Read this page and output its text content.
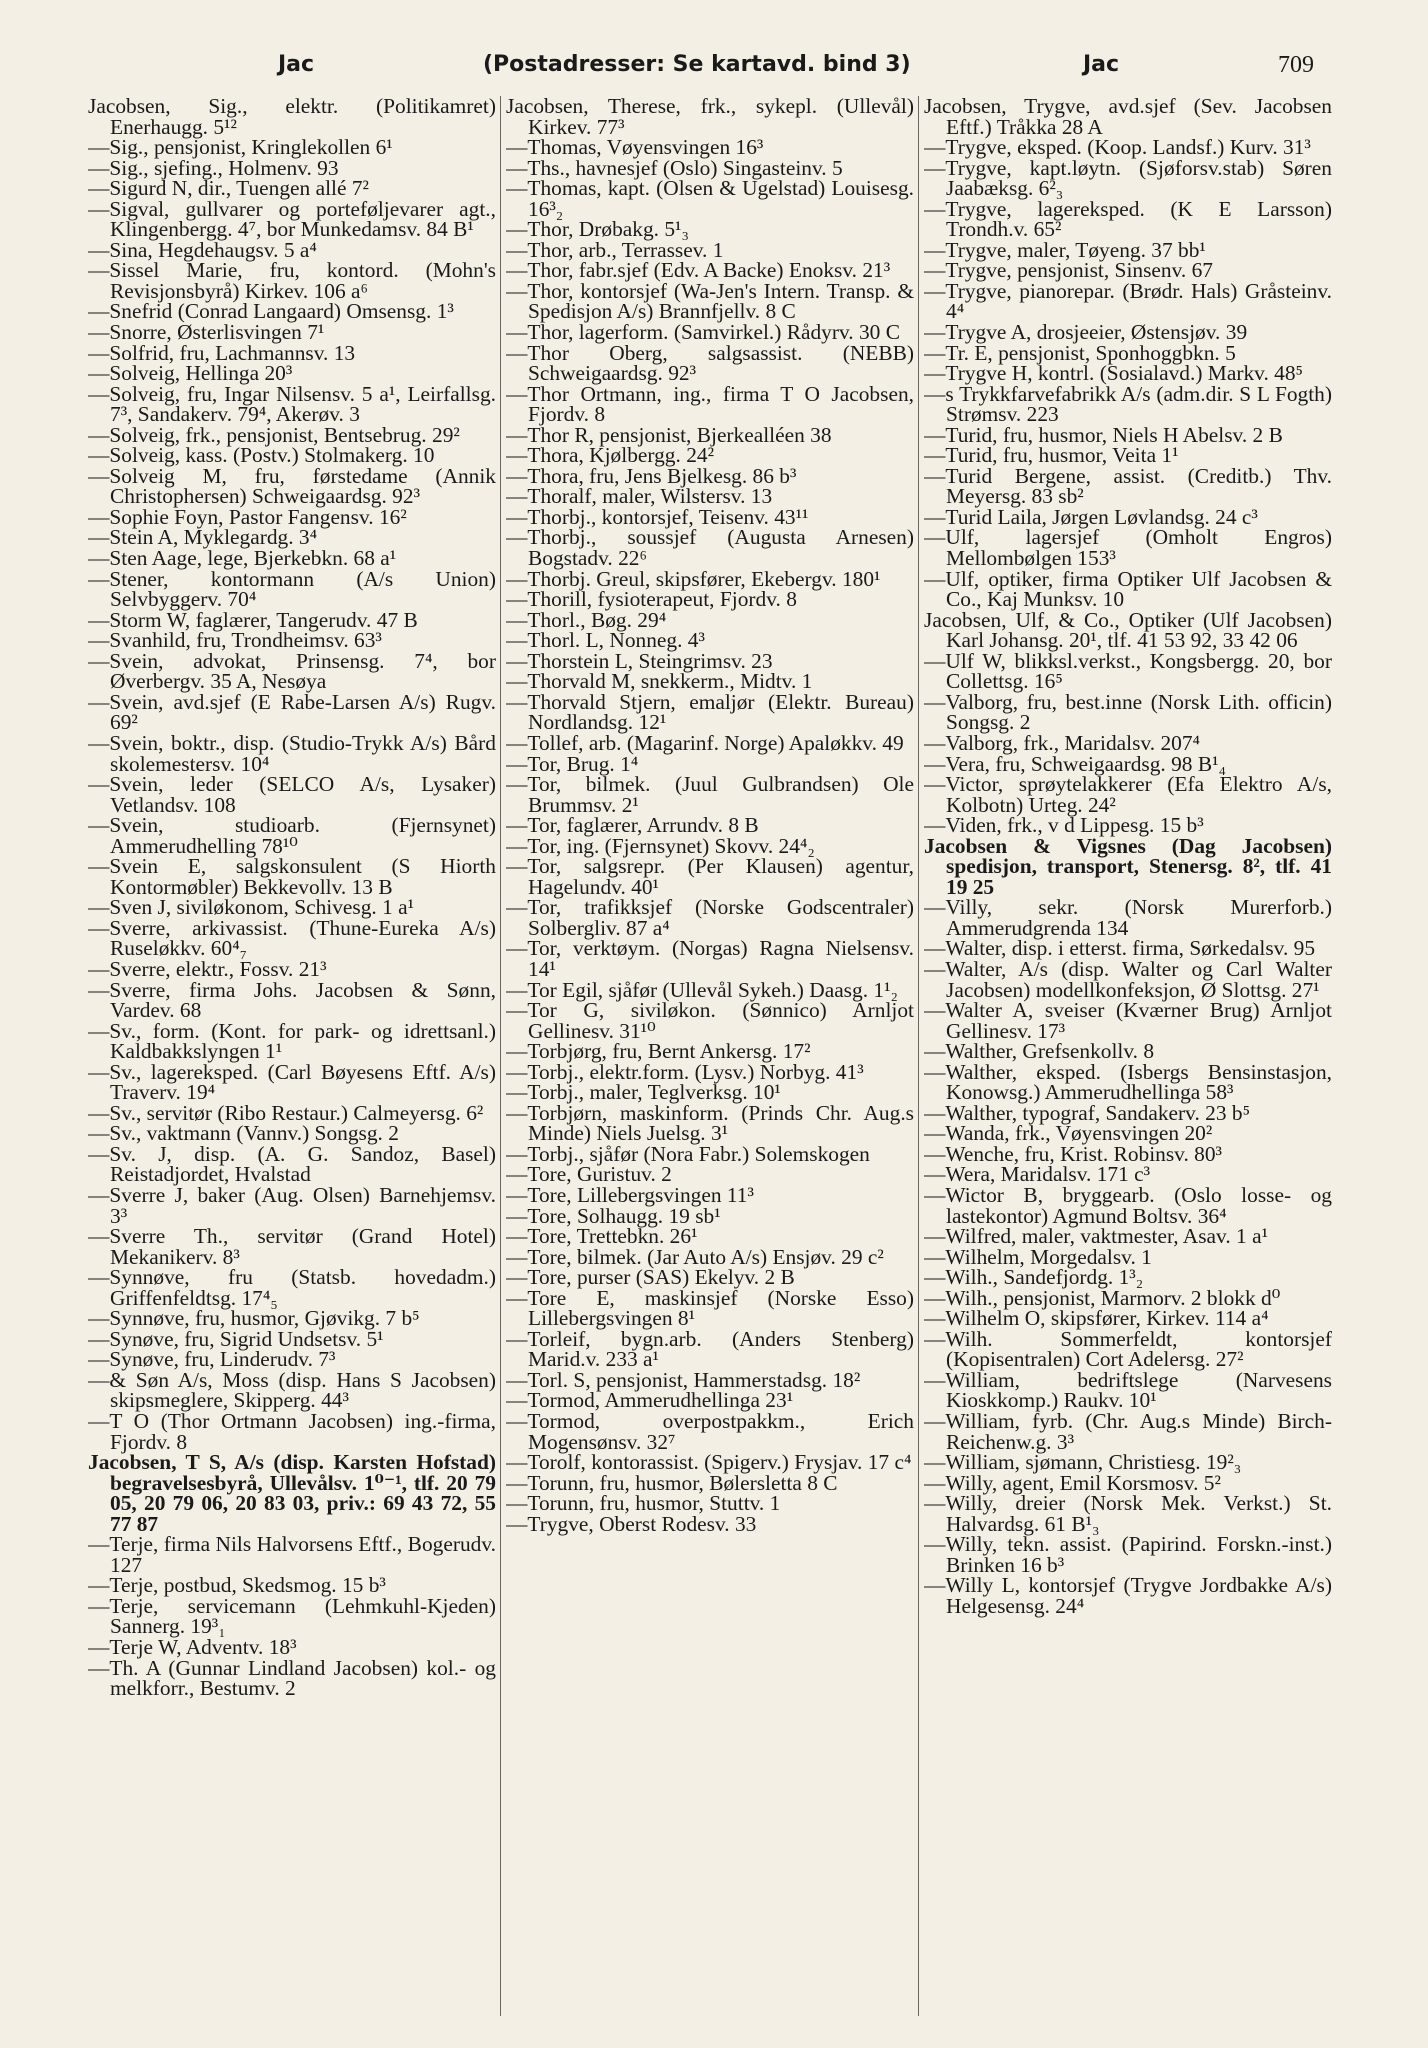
Jac	(Postadresser: Se kartavd. bind 3)	Jac	709
Jacobsen, Sig., elektr. (Politikamret) Enerhaugg. 5¹²
—Sig., pensjonist, Kringlekollen 6¹
—Sig., sjefing., Holmenv. 93
—Sigurd N, dir., Tuengen allé 7²
—Sigval, gullvarer og porteføljevarer agt., Klingenbergg. 4⁷, bor Munkedamsv. 84 B¹
—Sina, Hegdehaugsv. 5 a⁴
—Sissel Marie, fru, kontord. (Mohn's Revisjonsbyrå) Kirkev. 106 a⁶
—Snefrid (Conrad Langaard) Omsensg. 1³
—Snorre, Østerlisvingen 7¹
—Solfrid, fru, Lachmannsv. 13
—Solveig, Hellinga 20³
—Solveig, fru, Ingar Nilsensv. 5 a¹, Leirfallsg. 7³, Sandakerv. 79⁴, Akerøv. 3
—Solveig, frk., pensjonist, Bentsebrug. 29²
—Solveig, kass. (Postv.) Stolmakerg. 10
—Solveig M, fru, førstedame (Annik Christophersen) Schweigaardsg. 92³
—Sophie Foyn, Pastor Fangensv. 16²
—Stein A, Myklegardg. 3⁴
—Sten Aage, lege, Bjerkebkn. 68 a¹
—Stener, kontormann (A/s Union) Selvbyggerv. 70⁴
—Storm W, faglærer, Tangerudv. 47 B
—Svanhild, fru, Trondheimsv. 63³
—Svein, advokat, Prinsensg. 7⁴, bor Øverbergv. 35 A, Nesøya
—Svein, avd.sjef (E Rabe-Larsen A/s) Rugv. 69²
—Svein, boktr., disp. (Studio-Trykk A/s) Bård skolemestersv. 10⁴
—Svein, leder (SELCO A/s, Lysaker) Vetlandsv. 108
—Svein, studioarb. (Fjernsynet) Ammerudhelling 78¹⁰
—Svein E, salgskonsulent (S Hiorth Kontormøbler) Bekkevollv. 13 B
—Sven J, siviløkonom, Schivesg. 1 a¹
—Sverre, arkivassist. (Thune-Eureka A/s) Ruseløkkv. 60⁴₇
—Sverre, elektr., Fossv. 21³
—Sverre, firma Johs. Jacobsen & Sønn, Vardev. 68
—Sv., form. (Kont. for park- og idrettsanl.) Kaldbakkslyngen 1¹
—Sv., lagereksped. (Carl Bøyesens Eftf. A/s) Traverv. 19⁴
—Sv., servitør (Ribo Restaur.) Calmeyersg. 6²
—Sv., vaktmann (Vannv.) Songsg. 2
—Sv. J, disp. (A. G. Sandoz, Basel) Reistadjordet, Hvalstad
—Sverre J, baker (Aug. Olsen) Barnehjemsv. 3³
—Sverre Th., servitør (Grand Hotel) Mekanikerv. 8³
—Synnøve, fru (Statsb. hovedadm.) Griffenfeldtsg. 17⁴₅
—Synnøve, fru, husmor, Gjøvikg. 7 b⁵
—Synøve, fru, Sigrid Undsetsv. 5¹
—Synøve, fru, Linderudv. 7³
—& Søn A/s, Moss (disp. Hans S Jacobsen) skipsmeglere, Skipperg. 44³
—T O (Thor Ortmann Jacobsen) ing.-firma, Fjordv. 8
Jacobsen, T S, A/s (disp. Karsten Hofstad) begravelsesbyrå, Ullevålsv. 1⁰⁻¹, tlf. 20 79 05, 20 79 06, 20 83 03, priv.: 69 43 72, 55 77 87
—Terje, firma Nils Halvorsens Eftf., Bogerudv. 127
—Terje, postbud, Skedsmog. 15 b³
—Terje, servicemann (Lehmkuhl-Kjeden) Sannerg. 19³₁
—Terje W, Adventv. 18³
—Th. A (Gunnar Lindland Jacobsen) kol.- og melkforr., Bestumv. 2
Jacobsen, Therese, frk., sykepl. (Ullevål) Kirkev. 77³
—Thomas, Vøyensvingen 16³
—Ths., havnesjef (Oslo) Singasteinv. 5
—Thomas, kapt. (Olsen & Ugelstad) Louisesg. 16³₂
—Thor, Drøbakg. 5¹₃
—Thor, arb., Terrassev. 1
—Thor, fabr.sjef (Edv. A Backe) Enoksv. 21³
—Thor, kontorsjef (Wa-Jen's Intern. Transp. & Spedisjon A/s) Brannfjellv. 8 C
—Thor, lagerform. (Samvirkel.) Rådyrv. 30 C
—Thor Oberg, salgsassist. (NEBB) Schweigaardsg. 92³
—Thor Ortmann, ing., firma T O Jacobsen, Fjordv. 8
—Thor R, pensjonist, Bjerkealléen 38
—Thora, Kjølbergg. 24²
—Thora, fru, Jens Bjelkesg. 86 b³
—Thoralf, maler, Wilstersv. 13
—Thorbj., kontorsjef, Teisenv. 43¹¹
—Thorbj., soussjef (Augusta Arnesen) Bogstadv. 22⁶
—Thorbj. Greul, skipsfører, Ekebergv. 180¹
—Thorill, fysioterapeut, Fjordv. 8
—Thorl., Bøg. 29⁴
—Thorl. L, Nonneg. 4³
—Thorstein L, Steingrimsv. 23
—Thorvald M, snekkerm., Midtv. 1
—Thorvald Stjern, emaljør (Elektr. Bureau) Nordlandsg. 12¹
—Tollef, arb. (Magarinf. Norge) Apaløkkv. 49
—Tor, Brug. 1⁴
—Tor, bilmek. (Juul Gulbrandsen) Ole Brummsv. 2¹
—Tor, faglærer, Arrundv. 8 B
—Tor, ing. (Fjernsynet) Skovv. 24⁴₂
—Tor, salgsrepr. (Per Klausen) agentur, Hagelundv. 40¹
—Tor, trafikksjef (Norske Godscentraler) Solbergliv. 87 a⁴
—Tor, verktøym. (Norgas) Ragna Nielsensv. 14¹
—Tor Egil, sjåfør (Ullevål Sykeh.) Daasg. 1¹₂
—Tor G, siviløkon. (Sønnico) Arnljot Gellinesv. 31¹⁰
—Torbjørg, fru, Bernt Ankersg. 17²
—Torbj., elektr.form. (Lysv.) Norbyg. 41³
—Torbj., maler, Teglverksg. 10¹
—Torbjørn, maskinform. (Prinds Chr. Aug.s Minde) Niels Juelsg. 3¹
—Torbj., sjåfør (Nora Fabr.) Solemskogen
—Tore, Guristuv. 2
—Tore, Lillebergsvingen 11³
—Tore, Solhaugg. 19 sb¹
—Tore, Trettebkn. 26¹
—Tore, bilmek. (Jar Auto A/s) Ensjøv. 29 c²
—Tore, purser (SAS) Ekelyv. 2 B
—Tore E, maskinsjef (Norske Esso) Lillebergsvingen 8¹
—Torleif, bygn.arb. (Anders Stenberg) Marid.v. 233 a¹
—Torl. S, pensjonist, Hammerstadsg. 18²
—Tormod, Ammerudhellinga 23¹
—Tormod, overpostpakkm., Erich Mogensønsv. 32⁷
—Torolf, kontorassist. (Spigerv.) Frysjav. 17 c⁴
—Torunn, fru, husmor, Bølersletta 8 C
—Torunn, fru, husmor, Stuttv. 1
—Trygve, Oberst Rodesv. 33
Jacobsen, Trygve, avd.sjef (Sev. Jacobsen Eftf.) Tråkka 28 A
—Trygve, eksped. (Koop. Landsf.) Kurv. 31³
—Trygve, kapt.løytn. (Sjøforsv.stab) Søren Jaabæksg. 6²₃
—Trygve, lagereksped. (K E Larsson) Trondh.v. 65²
—Trygve, maler, Tøyeng. 37 bb¹
—Trygve, pensjonist, Sinsenv. 67
—Trygve, pianorepar. (Brødr. Hals) Gråsteinv. 4⁴
—Trygve A, drosjeeier, Østensjøv. 39
—Tr. E, pensjonist, Sponhoggbkn. 5
—Trygve H, kontrl. (Sosialavd.) Markv. 48⁵
—s Trykkfarvefabrikk A/s (adm.dir. S L Fogth) Strømsv. 223
—Turid, fru, husmor, Niels H Abelsv. 2 B
—Turid, fru, husmor, Veita 1¹
—Turid Bergene, assist. (Creditb.) Thv. Meyersg. 83 sb²
—Turid Laila, Jørgen Løvlandsg. 24 c³
—Ulf, lagersjef (Omholt Engros) Mellombølgen 153³
—Ulf, optiker, firma Optiker Ulf Jacobsen & Co., Kaj Munksv. 10
Jacobsen, Ulf, & Co., Optiker (Ulf Jacobsen) Karl Johansg. 20¹, tlf. 41 53 92, 33 42 06
—Ulf W, blikksl.verkst., Kongsbergg. 20, bor Collettsg. 16⁵
—Valborg, fru, best.inne (Norsk Lith. officin) Songsg. 2
—Valborg, frk., Maridalsv. 207⁴
—Vera, fru, Schweigaardsg. 98 B¹₄
—Victor, sprøytelakkerer (Efa Elektro A/s, Kolbotn) Urteg. 24²
—Viden, frk., v d Lippesg. 15 b³
Jacobsen & Vigsnes (Dag Jacobsen) spedisjon, transport, Stenersg. 8², tlf. 41 19 25
—Villy, sekr. (Norsk Murerforb.) Ammerudgrenda 134
—Walter, disp. i etterst. firma, Sørkedalsv. 95
—Walter, A/s (disp. Walter og Carl Walter Jacobsen) modellkonfeksjon, Ø Slottsg. 27¹
—Walter A, sveiser (Kværner Brug) Arnljot Gellinesv. 17³
—Walther, Grefsenkollv. 8
—Walther, eksped. (Isbergs Bensinstasjon, Konowsg.) Ammerudhellinga 58³
—Walther, typograf, Sandakerv. 23 b⁵
—Wanda, frk., Vøyensvingen 20²
—Wenche, fru, Krist. Robinsv. 80³
—Wera, Maridalsv. 171 c³
—Wictor B, bryggearb. (Oslo losse- og lastekontor) Agmund Boltsv. 36⁴
—Wilfred, maler, vaktmester, Asav. 1 a¹
—Wilhelm, Morgedalsv. 1
—Wilh., Sandefjordg. 1³₂
—Wilh., pensjonist, Marmorv. 2 blokk d⁰
—Wilhelm O, skipsfører, Kirkev. 114 a⁴
—Wilh. Sommerfeldt, kontorsjef (Kopisentralen) Cort Adelersg. 27²
—William, bedriftslege (Narvesens Kioskkomp.) Raukv. 10¹
—William, fyrb. (Chr. Aug.s Minde) Birch-Reichenw.g. 3³
—William, sjømann, Christiesg. 19²₃
—Willy, agent, Emil Korsmosv. 5²
—Willy, dreier (Norsk Mek. Verkst.) St. Halvardsg. 61 B¹₃
—Willy, tekn. assist. (Papirind. Forskn.-inst.) Brinken 16 b³
—Willy L, kontorsjef (Trygve Jordbakke A/s) Helgesensg. 24⁴
